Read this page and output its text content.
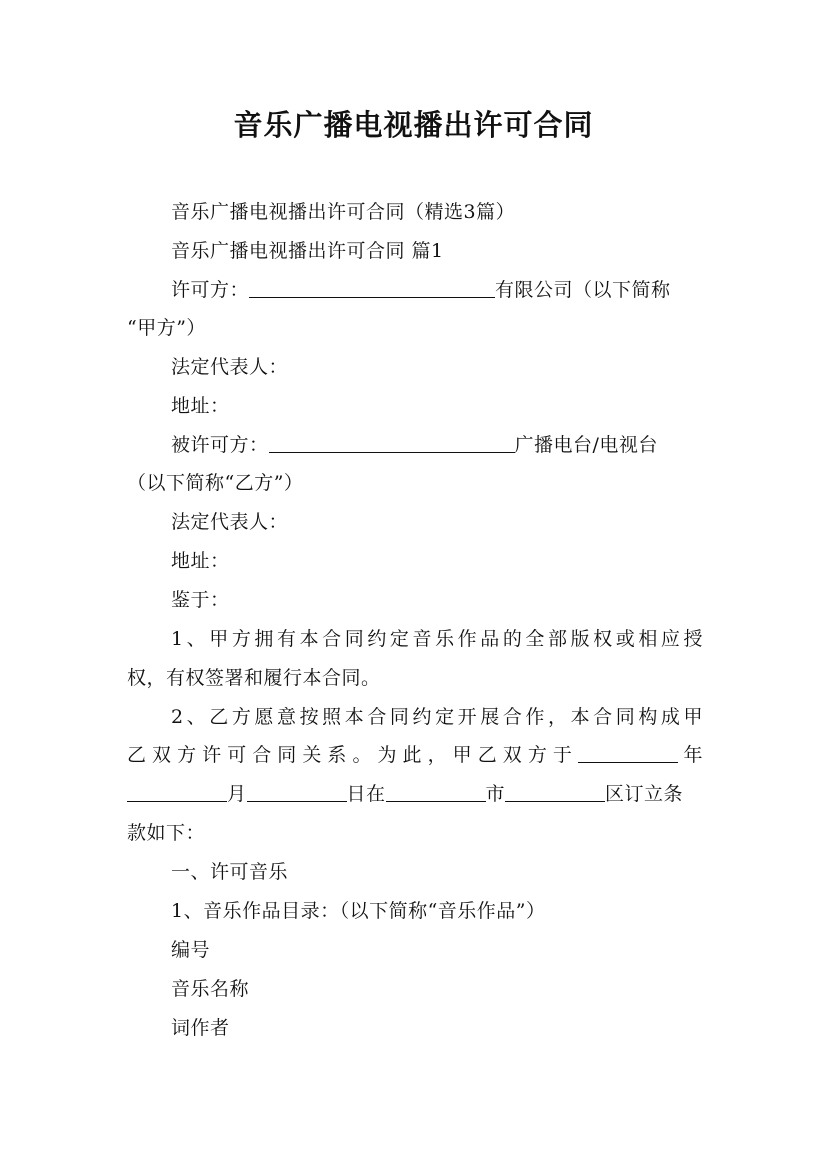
音乐广播电视播出许可合同
音乐广播电视播出许可合同（精选3篇）
音乐广播电视播出许可合同 篇1
许可方：	有限公司（以下简称
“甲方”）
法定代表人：
地址：
被许可方：	广播电台/电视台
（以下简称“乙方”）
法定代表人：
地址：
鉴于：
1、甲方拥有本合同约定音乐作品的全部版权或相应授
权，有权签署和履行本合同。
2、乙方愿意按照本合同约定开展合作，本合同构成甲
乙双方许可合同关系。为此，甲乙双方于	年
月	日在	市	区订立条
款如下：
一、许可音乐
1、音乐作品目录：（以下简称“音乐作品”）
编号
音乐名称
词作者
